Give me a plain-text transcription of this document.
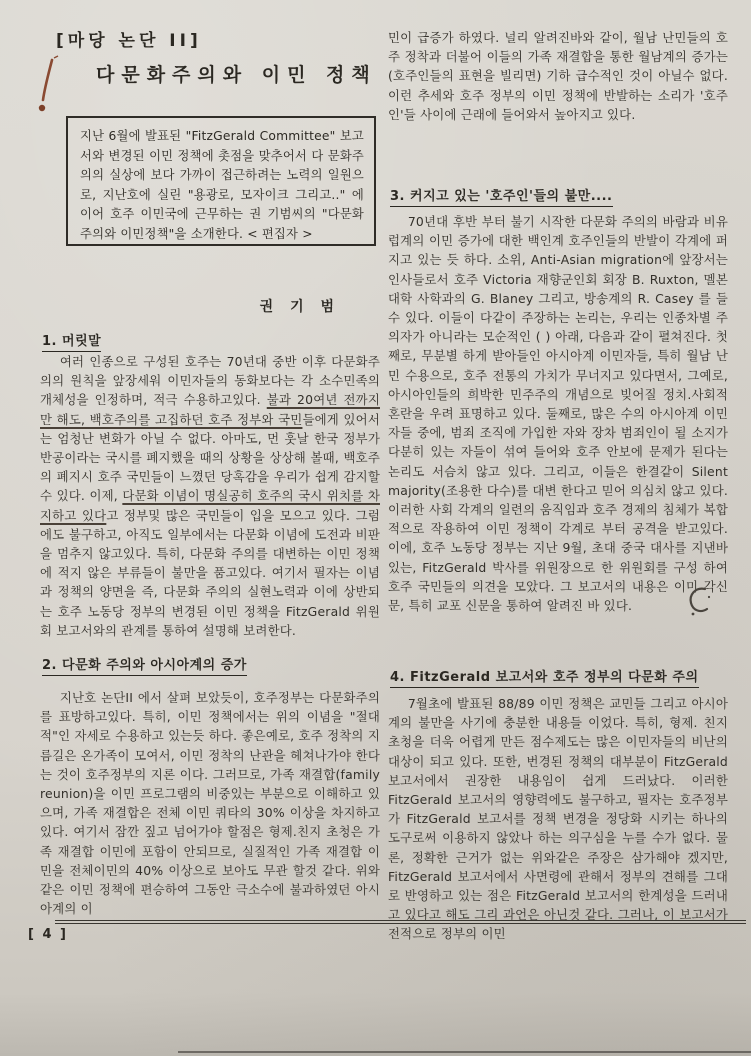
[마당 논단 II]
다문화주의와 이민 정책
지난 6월에 발표된 "FitzGerald Committee" 보고서와 변경된 이민 정책에 촛점을 맞추어서 다 문화주의의 실상에 보다 가까이 접근하려는 노력의 일원으로, 지난호에 실린 "용광로, 모자이크 그리고.." 에 이어 호주 이민국에 근무하는 권 기범씨의 "다문화 주의와 이민정책"을 소개한다. < 편집자 >
권 기 범
1. 머릿말
여러 인종으로 구성된 호주는 70년대 중반 이후 다문화주의의 원칙을 앞장세워 이민자들의 동화보다는 각 소수민족의 개체성을 인정하며, 적극 수용하고있다. 불과 20여년 전까지만 해도, 백호주의를 고집하던 호주 정부와 국민들에게 있어서는 엄청난 변화가 아닐 수 없다. 아마도, 먼 훗날 한국 정부가 반공이라는 국시를 폐지했을 때의 상황을 상상해 볼때, 백호주의 폐지시 호주 국민들이 느꼈던 당혹감을 우리가 쉽게 감지할 수 있다. 이제, 다문화 이념이 명실공히 호주의 국시 위치를 차지하고 있다고 정부및 많은 국민들이 입을 모으고 있다. 그럼에도 불구하고, 아직도 일부에서는 다문화 이념에 도전과 비판을 멈추지 않고있다. 특히, 다문화 주의를 대변하는 이민 정책에 적지 않은 부류들이 불만을 품고있다. 여기서 필자는 이념과 정책의 양면을 즉, 다문화 주의의 실현노력과 이에 상반되는 호주 노동당 정부의 변경된 이민 정책을 FitzGerald 위원회 보고서와의 관계를 통하여 설명해 보려한다.
2. 다문화 주의와 아시아계의 증가
지난호 논단II 에서 살펴 보았듯이, 호주정부는 다문화주의를 표방하고있다. 특히, 이민 정책에서는 위의 이념을 "절대적"인 자세로 수용하고 있는듯 하다. 좋은예로, 호주 정착의 지름길은 온가족이 모여서, 이민 정착의 난관을 헤쳐나가야 한다는 것이 호주정부의 지론 이다. 그러므로, 가족 재결합(family reunion)을 이민 프로그램의 비중있는 부분으로 이해하고 있으며, 가족 재결합은 전체 이민 쿼타의 30% 이상을 차지하고 있다. 여기서 잠깐 짚고 넘어가야 할점은 형제.친지 초청은 가족 재결합 이민에 포함이 안되므로, 실질적인 가족 재결합 이민을 전체이민의 40% 이상으로 보아도 무관 할것 같다. 위와 같은 이민 정책에 편승하여 그동안 극소수에 불과하였던 아시아계의 이
민이 급증가 하였다. 널리 알려진바와 같이, 월남 난민들의 호주 정착과 더불어 이들의 가족 재결합을 통한 월남계의 증가는 (호주인들의 표현을 빌리면) 기하 급수적인 것이 아닐수 없다. 이런 추세와 호주 정부의 이민 정책에 반발하는 소리가 '호주인'들 사이에 근래에 들어와서 높아지고 있다.
3. 커지고 있는 '호주인'들의 불만....
70년대 후반 부터 불기 시작한 다문화 주의의 바람과 비유럽계의 이민 증가에 대한 백인계 호주인들의 반발이 각계에 퍼지고 있는 듯 하다. 소위, Anti-Asian migration에 앞장서는 인사들로서 호주 Victoria 재향군인회 회장 B. Ruxton, 멜본 대학 사학과의 G. Blaney 그리고, 방송계의 R. Casey 를 들수 있다. 이들이 다같이 주장하는 논리는, 우리는 인종차별 주의자가 아니라는 모순적인 ( ) 아래, 다음과 같이 펼쳐진다. 첫째로, 무분별 하게 받아들인 아시아계 이민자들, 특히 월남 난민 수용으로, 호주 전통의 가치가 무너지고 있다면서, 그예로, 아시아인들의 희박한 민주주의 개념으로 빚어질 정치.사회적 혼란을 우려 표명하고 있다. 둘째로, 많은 수의 아시아계 이민자들 중에, 범죄 조직에 가입한 자와 장차 범죄인이 될 소지가 다분히 있는 자들이 섞여 들어와 호주 안보에 문제가 된다는 논리도 서슴치 않고 있다. 그리고, 이들은 한결같이 Silent majority(조용한 다수)를 대변 한다고 믿어 의심치 않고 있다. 이러한 사회 각계의 일련의 움직임과 호주 경제의 침체가 복합적으로 작용하여 이민 정책이 각계로 부터 공격을 받고있다. 이에, 호주 노동당 정부는 지난 9월, 초대 중국 대사를 지낸바 있는, FitzGerald 박사를 위원장으로 한 위원회를 구성 하여 호주 국민들의 의견을 모았다. 그 보고서의 내용은 이미 각신문, 특히 교포 신문을 통하여 알려진 바 있다.
4. FitzGerald 보고서와 호주 정부의 다문화 주의
7월초에 발표된 88/89 이민 정책은 교민들 그리고 아시아계의 불만을 사기에 충분한 내용들 이었다. 특히, 형제. 친지 초청을 더욱 어렵게 만든 점수제도는 많은 이민자들의 비난의 대상이 되고 있다. 또한, 번경된 정책의 대부분이 FitzGerald 보고서에서 권장한 내용임이 쉽게 드러났다. 이러한 FitzGerald 보고서의 영향력에도 불구하고, 필자는 호주정부가 FitzGerald 보고서를 정책 변경을 정당화 시키는 하나의 도구로써 이용하지 않았나 하는 의구심을 누를 수가 없다. 물론, 정확한 근거가 없는 위와같은 주장은 삼가해야 겠지만, FitzGerald 보고서에서 사면령에 관해서 정부의 견해를 그대로 반영하고 있는 점은 FitzGerald 보고서의 한계성을 드러내고 있다고 해도 그리 과언은 아닌것 같다. 그러나, 이 보고서가 전적으로 정부의 이민
[ 4 ]
